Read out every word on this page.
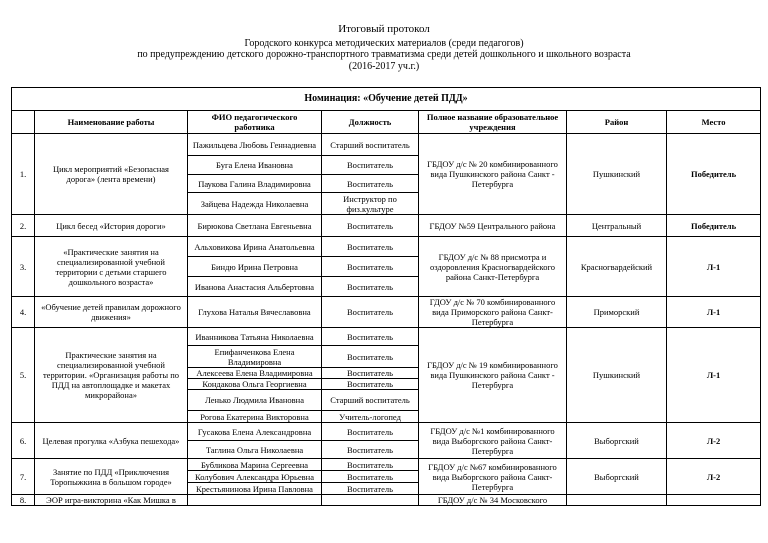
Итоговый протокол
Городского конкурса методических материалов (среди педагогов)
по предупреждению детского дорожно-транспортного травматизма среди детей дошкольного и школьного возраста
(2016-2017 уч.г.)
Номинация: «Обучение детей ПДД»						
	Наименование работы	ФИО педагогического работника	Должность	Полное название образовательное учреждения	Район	Место
1.	Цикл мероприятий «Безопасная дорога» (лента времени)	Пажильцева Любовь Геннадиевна	Старший воспитатель	ГБДОУ д/с № 20 комбинированного вида Пушкинского района Санкт - Петербурга	Пушкинский	Победитель
		Буга Елена Ивановна	Воспитатель			
		Паукова Галина Владимировна	Воспитатель			
		Зайцева Надежда Николаевна	Инструктор по физ.культуре			
2.	Цикл бесед «История дороги»	Бирюкова Светлана Евгеньевна	Воспитатель	ГБДОУ №59 Центрального района	Центральный	Победитель
3.	«Практические занятия на специализированной учебной территории с детьми старшего дошкольного возраста»	Альховикова Ирина Анатольевна	Воспитатель	ГБДОУ д/с № 88 присмотра и оздоровления Красногвардейского района Санкт-Петербурга	Красногвардейский	Л-1
		Биндю Ирина Петровна	Воспитатель			
		Иванова Анастасия Альбертовна	Воспитатель			
4.	«Обучение детей правилам дорожного движения»	Глухова Наталья Вячеславовна	Воспитатель	ГДОУ д/с № 70 комбинированного вида Приморского района Санкт-Петербурга	Приморский	Л-1
5.	Практические занятия на специализированной учебной территории. «Организация работы по ПДД на автоплощадке и макетах микрорайона»	Иванникова Татьяна Николаевна	Воспитатель	ГБДОУ д/с № 19 комбинированного вида Пушкинского района Санкт - Петербурга	Пушкинский	Л-1
		Епифанченкова Елена Владимировна	Воспитатель			
		Алексеева Елена Владимировна	Воспитатель			
		Кондакова Ольга Георгиевна	Воспитатель			
		Ленько Людмила Ивановна	Старший воспитатель			
		Рогова Екатерина Викторовна	Учитель-логопед			
6.	Целевая прогулка «Азбука пешехода»	Гусакова Елена Александровна	Воспитатель	ГБДОУ д/с №1 комбинированного вида Выборгского района Санкт-Петербурга	Выборгский	Л-2
		Таглина Ольга Николаевна	Воспитатель			
7.	Занятие по ПДД «Приключения Торопыжкина в большом городе»	Бубликова Марина Сергеевна	Воспитатель	ГБДОУ д/с №67 комбинированного вида Выборгского района Санкт-Петербурга	Выборгский	Л-2
		Колубович Александра Юрьевна	Воспитатель			
		Крестьянинова Ирина Павловна	Воспитатель			
8.	ЭОР игра-викторина «Как Мишка в			ГБДОУ д/с № 34 Московского		
